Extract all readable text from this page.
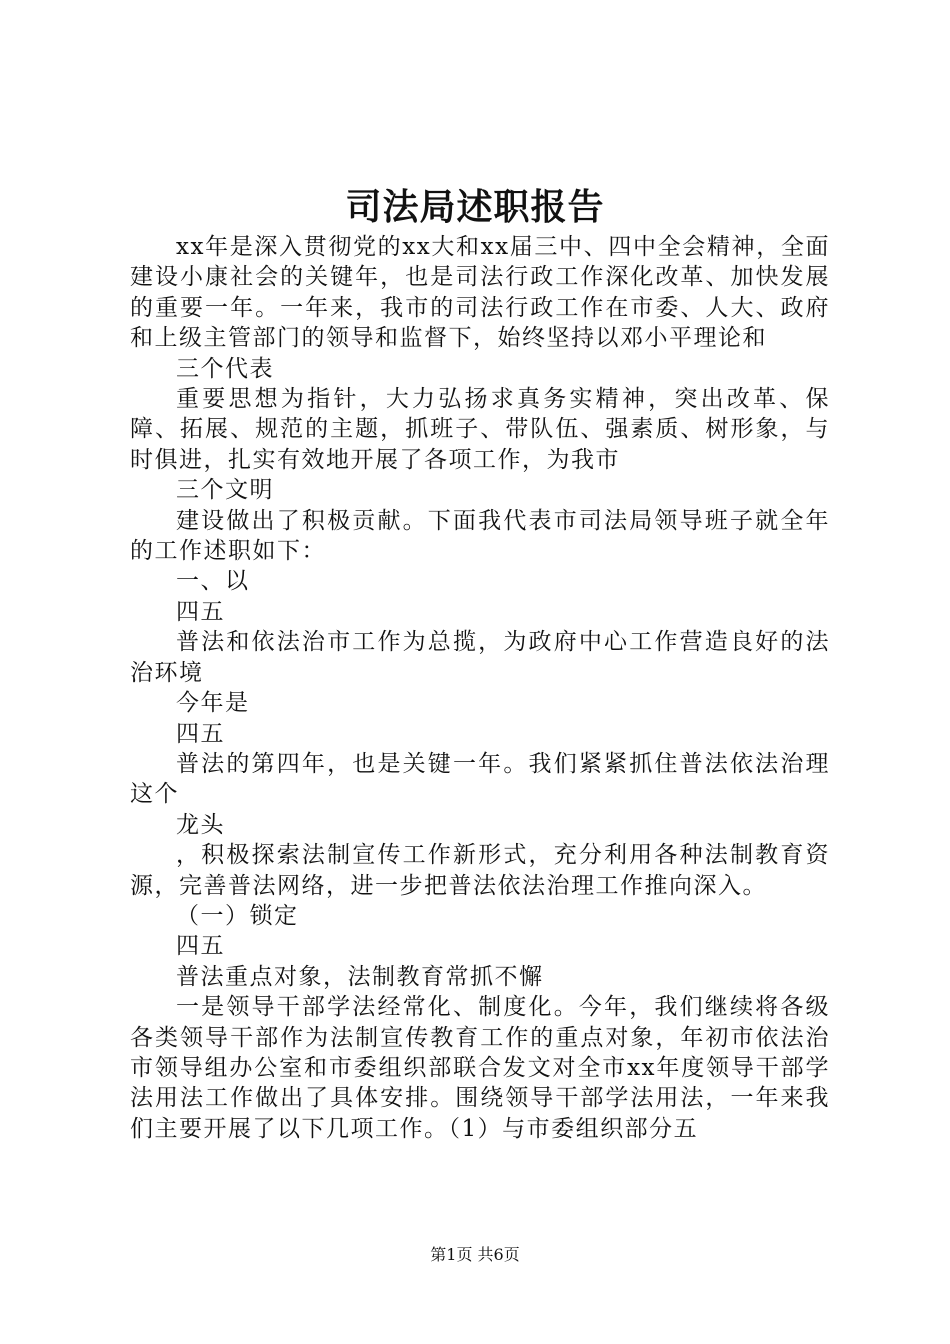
司法局述职报告

xx年是深入贯彻党的xx大和xx届三中、四中全会精神，全面建设小康社会的关键年，也是司法行政工作深化改革、加快发展的重要一年。一年来，我市的司法行政工作在市委、人大、政府和上级主管部门的领导和监督下，始终坚持以邓小平理论和

三个代表

重要思想为指针，大力弘扬求真务实精神，突出改革、保障、拓展、规范的主题，抓班子、带队伍、强素质、树形象，与时俱进，扎实有效地开展了各项工作，为我市

三个文明

建设做出了积极贡献。下面我代表市司法局领导班子就全年的工作述职如下：

一、以

四五

普法和依法治市工作为总揽，为政府中心工作营造良好的法治环境

今年是

四五

普法的第四年，也是关键一年。我们紧紧抓住普法依法治理这个

龙头

，积极探索法制宣传工作新形式，充分利用各种法制教育资源，完善普法网络，进一步把普法依法治理工作推向深入。

（一）锁定

四五

普法重点对象，法制教育常抓不懈

一是领导干部学法经常化、制度化。今年，我们继续将各级各类领导干部作为法制宣传教育工作的重点对象，年初市依法治市领导组办公室和市委组织部联合发文对全市xx年度领导干部学法用法工作做出了具体安排。围绕领导干部学法用法，一年来我们主要开展了以下几项工作。（1）与市委组织部分五

第1页 共6页
